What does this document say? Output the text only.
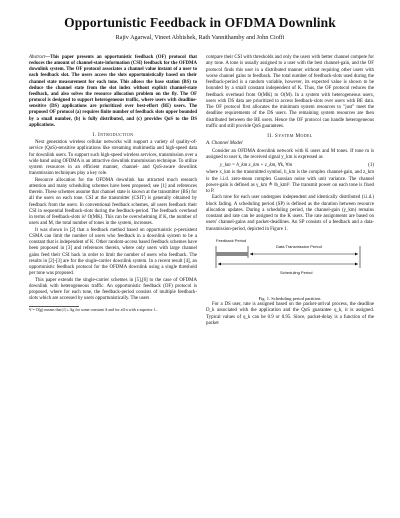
Opportunistic Feedback in OFDMA Downlink
Rajiv Agarwal, Vineet Abhishek, Rath Vannithamby and John Cioffi

Abstract—This paper presents an opportunistic feedback (OF) protocol that reduces the amount of channel-state-information (CSI) feedback for the OFDMA downlink system. The OF protocol associates a channel value instant of a user to each feedback slot. The users access the slots opportunistically based on their channel state measurement for each tone. This allows the base station (BS) to deduce the channel state from the slot index without explicit channel-state feedback, and also solves the resource allocation problem on the fly. The OF protocol is designed to support heterogeneous traffic, where users with deadline-sensitive (DS) applications are prioritized over best-effort (BE) users. The proposed OF protocol (a) requires finite number of feedback slots upper bounded by a small number, (b) is fully distributed, and (c) provides QoS to the DS applications.

I. Introduction

Next generation wireless cellular networks will support a variety of quality-of-service (QoS)-sensitive applications like streaming multimedia and high-speed data for downlink users. To support such high-speed wireless services, transmission over a wide band using OFDMA is an attractive downlink transmission technique. To utilize system resources in an efficient manner, channel- and QoS-aware downlink transmission techniques play a key role.

Resource allocation for the OFDMA downlink has attracted much research attention and many scheduling schemes have been proposed; see [1] and references therein. These schemes assume that channel state is known at the transmitter (BS) for all the users on each tone. CSI at the transmitter (CSIT) is generally obtained by feedback from the users. In conventional feedback schemes, all users feedback their CSI in sequential feedback-slots during the feedback-period. The feedback overhead in terms of feedback-slots is¹ O(MK). This can be overwhelming if K, the number of users and M, the total number of tones in the system, increases.

It was shown in [2] that a feedback method based on opportunistic p-persistent CSMA can limit the number of users who feedback in a downlink system to be a constant that is independent of K. Other random-access based feedback schemes have been proposed in [3] and references therein, where only users with large channel gains feed their CSI back in order to limit the number of users who feedback. The results in [2]-[3] are for the single-carrier downlink system. In a recent result [4], an opportunistic feedback protocol for the OFDMA downlink using a single threshold per tone was proposed.

This paper extends the single-carrier schemes in [5],[6] to the case of OFDMA downlink with heterogeneous traffic. An opportunistic feedback (OF) protocol is proposed, where for each tone, the feedback-period consists of multiple feedback-slots which are accessed by users opportunistically. The users

¹f = O(g) means that |f| ≤ Ag for some constant A and for all n with a superior f...

compare their CSI with thresholds and only the users with better channel compete for any tone. A tone is usually assigned to a user with the best channel-gain, and the OF protocol finds this user in a distributed manner without requiring other users with worse channel gains to feedback. The total number of feedback-slots used during the feedback-period is a random variable, however, its expected value is shown to be bounded by a small constant independent of K. Thus, the OF protocol reduces the feedback overhead from O(MK) to O(M). In a system with heterogeneous users, users with DS data are prioritized to access feedback-slots over users with BE data. The OF protocol first allocates the minimum system resources to "just" meet the deadline requirements of the DS users. The remaining system resources are then distributed between the BE users. Hence the OF protocol can handle heterogeneous traffic and still provide QoS guarantees.

II. System Model
A. Channel Model

Consider an OFDMA downlink network with K users and M tones. If tone m is assigned to user k, the received signal y_km is expressed as

y_km = h_km x_km + z_km, ∀k, ∀m	(1)

where x_km is the transmitted symbol, h_km is the complex channel-gain, and z_km is the i.i.d. zero-mean complex Gaussian noise with unit variance. The channel power-gain is defined as γ_km ≜ ‖h_km‖². The transmit power on each tone is fixed to P.

Each tone for each user undergoes independent and identically distributed (i.i.d.) block fading. A scheduling period (SP) is defined as the duration between resource allocation updates. During a scheduling period, the channel-gain (γ_km) remains constant and rate can be assigned to the K users. The rate assignments are based on users' channel-gains and packet-deadlines. An SP consists of a feedback and a data-transmission-period, depicted in Figure 1.

Feedback Period
Data Transmission Period
Scheduling Period

Fig. 1. Scheduling period partition.

For a DS user, rate is assigned based on the packet-arrival process, the deadline D_k associated with the application and the QoS guarantee q_k, it is assigned. Typical values of q_k can be 0.9 or 0.95. Since, packet-delay is a function of the packet
